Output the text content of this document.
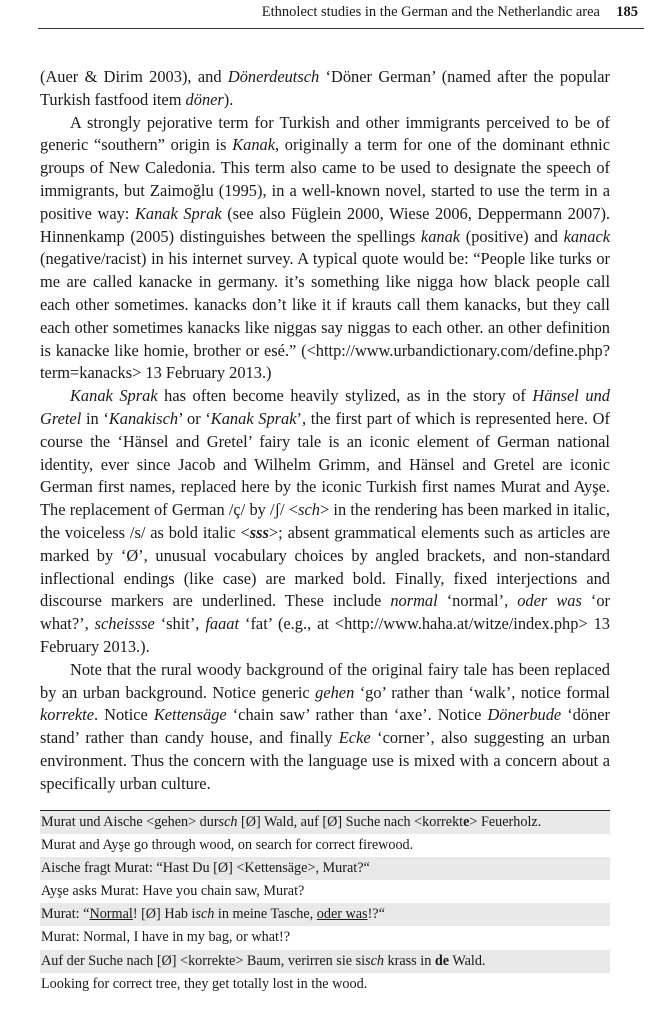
Ethnolect studies in the German and the Netherlandic area 185

(Auer & Dirim 2003), and Dönerdeutsch ‘Döner German’ (named after the popular Turkish fastfood item döner).

A strongly pejorative term for Turkish and other immigrants perceived to be of generic “southern” origin is Kanak, originally a term for one of the dominant ethnic groups of New Caledonia. This term also came to be used to designate the speech of immigrants, but Zaimoğlu (1995), in a well-known novel, started to use the term in a positive way: Kanak Sprak (see also Füglein 2000, Wiese 2006, Deppermann 2007). Hinnenkamp (2005) distinguishes between the spellings kanak (positive) and kanack (negative/racist) in his internet survey. A typical quote would be: “People like turks or me are called kanacke in germany. it’s something like nigga how black people call each other sometimes. kanacks don’t like it if krauts call them kanacks, but they call each other sometimes kanacks like niggas say niggas to each other. an other definition is kanacke like homie, brother or esé.” (<http://www.urbandictionary.com/define.php?term=kanacks> 13 February 2013.)

Kanak Sprak has often become heavily stylized, as in the story of Hänsel und Gretel in ‘Kanakisch’ or ‘Kanak Sprak’, the first part of which is represented here. Of course the ‘Hänsel and Gretel’ fairy tale is an iconic element of German national identity, ever since Jacob and Wilhelm Grimm, and Hänsel and Gretel are iconic German first names, replaced here by the iconic Turkish first names Murat and Ayşe. The replacement of German /ç/ by /ʃ/ <sch> in the rendering has been marked in italic, the voiceless /s/ as bold italic <sss>; absent grammatical elements such as articles are marked by ‘Ø’, unusual vocabulary choices by angled brackets, and non-standard inflectional endings (like case) are marked bold. Finally, fixed interjections and discourse markers are underlined. These include normal ‘normal’, oder was ‘or what?’, scheissse ‘shit’, faaat ‘fat’ (e.g., at <http://www.haha.at/witze/index.php> 13 February 2013.).

Note that the rural woody background of the original fairy tale has been replaced by an urban background. Notice generic gehen ‘go’ rather than ‘walk’, notice formal korrekte. Notice Kettensäge ‘chain saw’ rather than ‘axe’. Notice Dönerbude ‘döner stand’ rather than candy house, and finally Ecke ‘corner’, also suggesting an urban environment. Thus the concern with the language use is mixed with a concern about a specifically urban culture.

Murat und Aische <gehen> dursch [Ø] Wald, auf [Ø] Suche nach <korrekte> Feuerholz.
Murat and Ayşe go through wood, on search for correct firewood.
Aische fragt Murat: “Hast Du [Ø] <Kettensäge>, Murat?“
Ayşe asks Murat: Have you chain saw, Murat?
Murat: “Normal! [Ø] Hab isch in meine Tasche, oder was!?“
Murat: Normal, I have in my bag, or what!?
Auf der Suche nach [Ø] <korrekte> Baum, verirren sie sisch krass in de Wald.
Looking for correct tree, they get totally lost in the wood.
